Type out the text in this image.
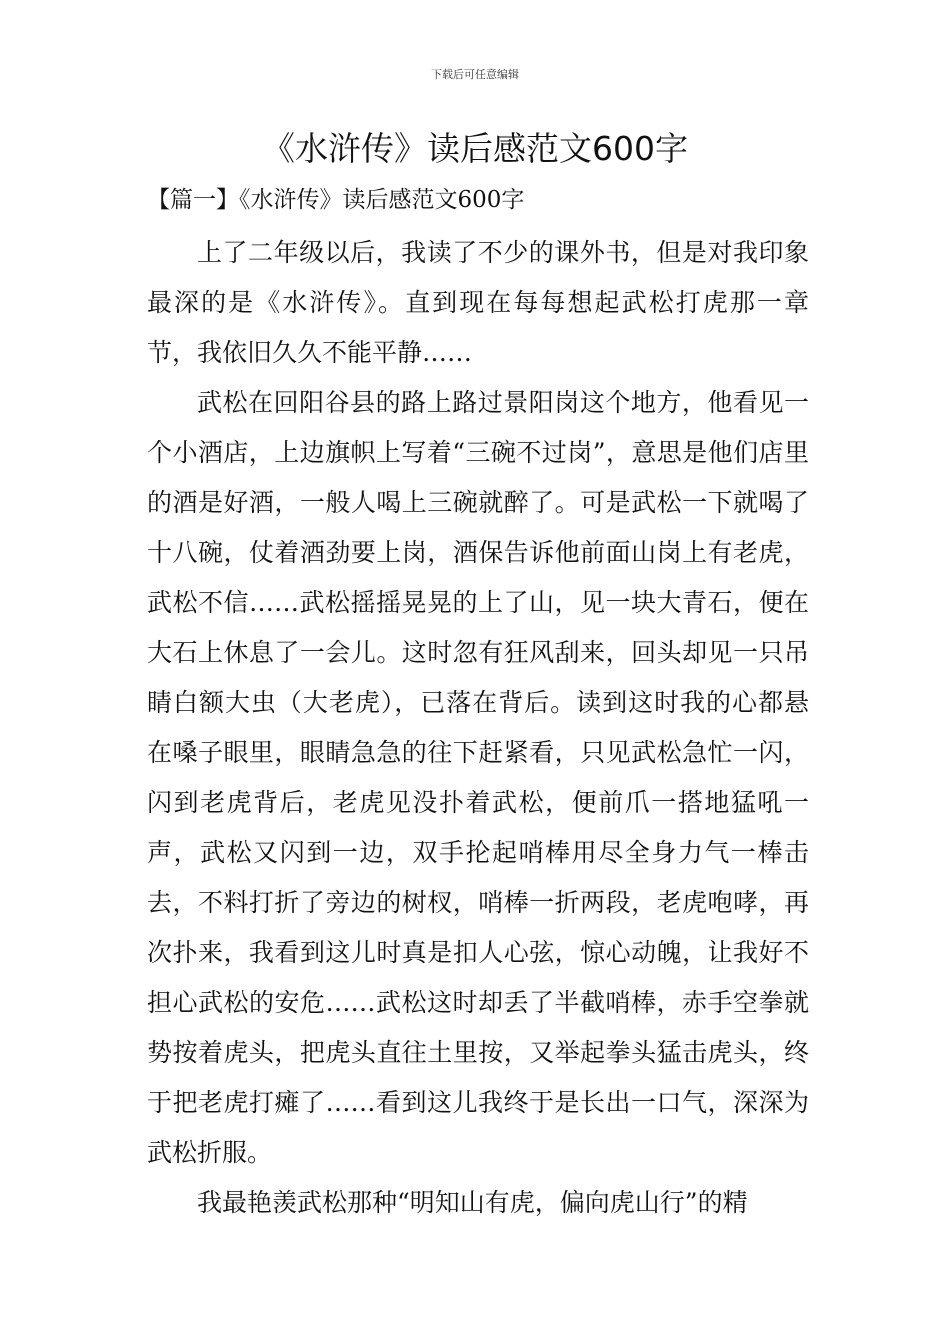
下载后可任意编辑
《水浒传》读后感范文600字
【篇一】《水浒传》读后感范文600字

上了二年级以后，我读了不少的课外书，但是对我印象最深的是《水浒传》。直到现在每每想起武松打虎那一章节，我依旧久久不能平静……

武松在回阳谷县的路上路过景阳岗这个地方，他看见一个小酒店，上边旗帜上写着“三碗不过岗”，意思是他们店里的酒是好酒，一般人喝上三碗就醉了。可是武松一下就喝了十八碗，仗着酒劲要上岗，酒保告诉他前面山岗上有老虎，武松不信……武松摇摇晃晃的上了山，见一块大青石，便在大石上休息了一会儿。这时忽有狂风刮来，回头却见一只吊睛白额大虫（大老虎），已落在背后。读到这时我的心都悬在嗓子眼里，眼睛急急的往下赶紧看，只见武松急忙一闪，闪到老虎背后，老虎见没扑着武松，便前爪一搭地猛吼一声，武松又闪到一边，双手抡起哨棒用尽全身力气一棒击去，不料打折了旁边的树杈，哨棒一折两段，老虎咆哮，再次扑来，我看到这儿时真是扣人心弦，惊心动魄，让我好不担心武松的安危……武松这时却丢了半截哨棒，赤手空拳就势按着虎头，把虎头直往土里按，又举起拳头猛击虎头，终于把老虎打瘫了……看到这儿我终于是长出一口气，深深为武松折服。

我最艳羡武松那种“明知山有虎，偏向虎山行”的精
